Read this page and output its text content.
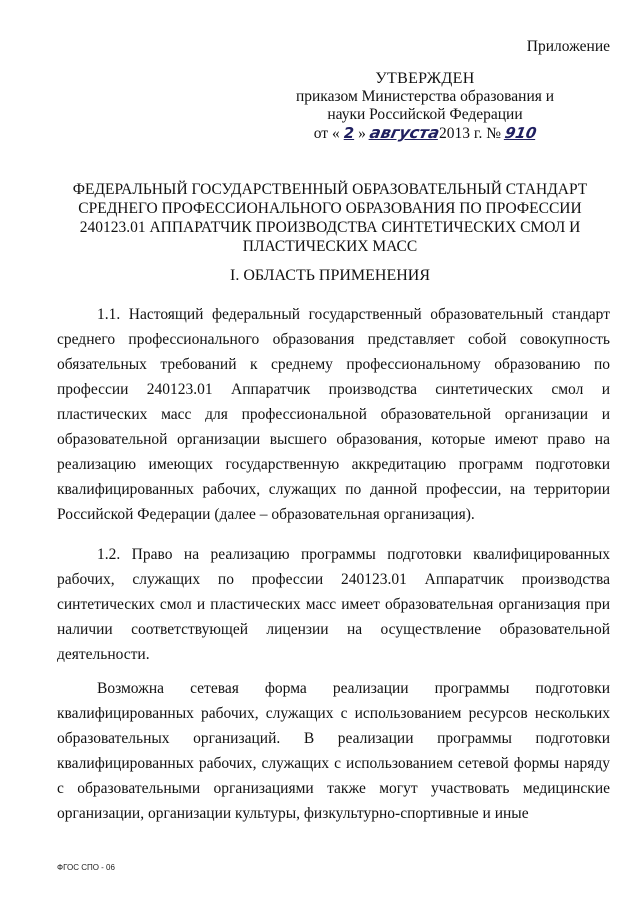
Приложение
УТВЕРЖДЕН
приказом Министерства образования и
науки Российской Федерации
от « 2 » августа2013 г. № 910
ФЕДЕРАЛЬНЫЙ ГОСУДАРСТВЕННЫЙ ОБРАЗОВАТЕЛЬНЫЙ СТАНДАРТ
СРЕДНЕГО ПРОФЕССИОНАЛЬНОГО ОБРАЗОВАНИЯ ПО ПРОФЕССИИ
240123.01 АППАРАТЧИК ПРОИЗВОДСТВА СИНТЕТИЧЕСКИХ СМОЛ И
ПЛАСТИЧЕСКИХ МАСС
I. ОБЛАСТЬ ПРИМЕНЕНИЯ

1.1. Настоящий федеральный государственный образовательный стандарт среднего профессионального образования представляет собой совокупность обязательных требований к среднему профессиональному образованию по профессии 240123.01 Аппаратчик производства синтетических смол и пластических масс для профессиональной образовательной организации и образовательной организации высшего образования, которые имеют право на реализацию имеющих государственную аккредитацию программ подготовки квалифицированных рабочих, служащих по данной профессии, на территории Российской Федерации (далее – образовательная организация).

1.2. Право на реализацию программы подготовки квалифицированных рабочих, служащих по профессии 240123.01 Аппаратчик производства синтетических смол и пластических масс имеет образовательная организация при наличии соответствующей лицензии на осуществление образовательной деятельности.

Возможна сетевая форма реализации программы подготовки квалифицированных рабочих, служащих с использованием ресурсов нескольких образовательных организаций. В реализации программы подготовки квалифицированных рабочих, служащих с использованием сетевой формы наряду с образовательными организациями также могут участвовать медицинские организации, организации культуры, физкультурно-спортивные и иные

ФГОС СПО - 06
